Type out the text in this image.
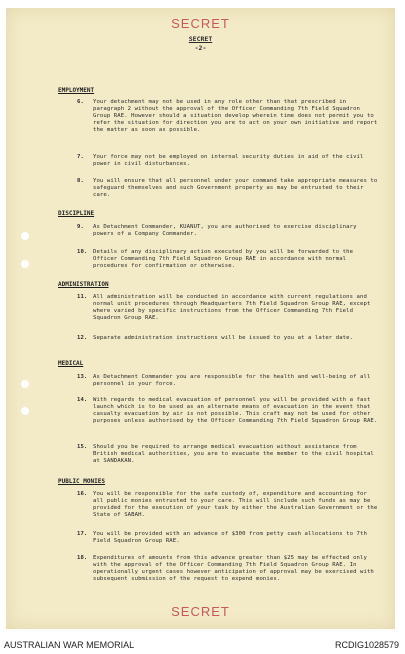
SECRET
SECRET
-2-
EMPLOYMENT
6.	Your detachment may not be used in any role other than that prescribed in paragraph 2 without the approval of the Officer Commanding 7th Field Squadron Group RAE. However should a situation develop wherein time does not permit you to refer the situation for direction you are to act on your own initiative and report the matter as soon as possible.
7.	Your force may not be employed on internal security duties in aid of the civil power in civil disturbances.
8.	You will ensure that all personnel under your command take appropriate measures to safeguard themselves and such Government property as may be entrusted to their care.
DISCIPLINE
9.	As Detachment Commander, KUANUT, you are authorised to exercise disciplinary powers of a Company Commander.
10. Details of any disciplinary action executed by you will be forwarded to the Officer Commanding 7th Field Squadron Group RAE in accordance with normal procedures for confirmation or otherwise.
ADMINISTRATION
11. All administration will be conducted in accordance with current regulations and normal unit procedures through Headquarters 7th Field Squadron Group RAE, except where varied by specific instructions from the Officer Commanding 7th Field Squadron Group RAE.
12. Separate administration instructions will be issued to you at a later date.
MEDICAL
13. As Detachment Commander you are responsible for the health and well-being of all personnel in your force.
14. With regards to medical evacuation of personnel you will be provided with a fast launch which is to be used as an alternate means of evacuation in the event that casualty evacuation by air is not possible. This craft may not be used for other purposes unless authorised by the Officer Commanding 7th Field Squadron Group RAE.
15. Should you be required to arrange medical evacuation without assistance from British medical authorities, you are to evacuate the member to the civil hospital at SANDAKAN.
PUBLIC MONIES
16. You will be responsible for the safe custody of, expenditure and accounting for all public monies entrusted to your care. This will include such funds as may be provided for the execution of your task by either the Australian Government or the State of SABAH.
17. You will be provided with an advance of $300 from petty cash allocations to 7th Field Squadron Group RAE.
18. Expenditures of amounts from this advance greater than $25 may be effected only with the approval of the Officer Commanding 7th Field Squadron Group RAE. In operationally urgent cases however anticipation of approval may be exercised with subsequent submission of the request to expend monies.
SECRET
AUSTRALIAN WAR MEMORIAL	RCDIG1028579
